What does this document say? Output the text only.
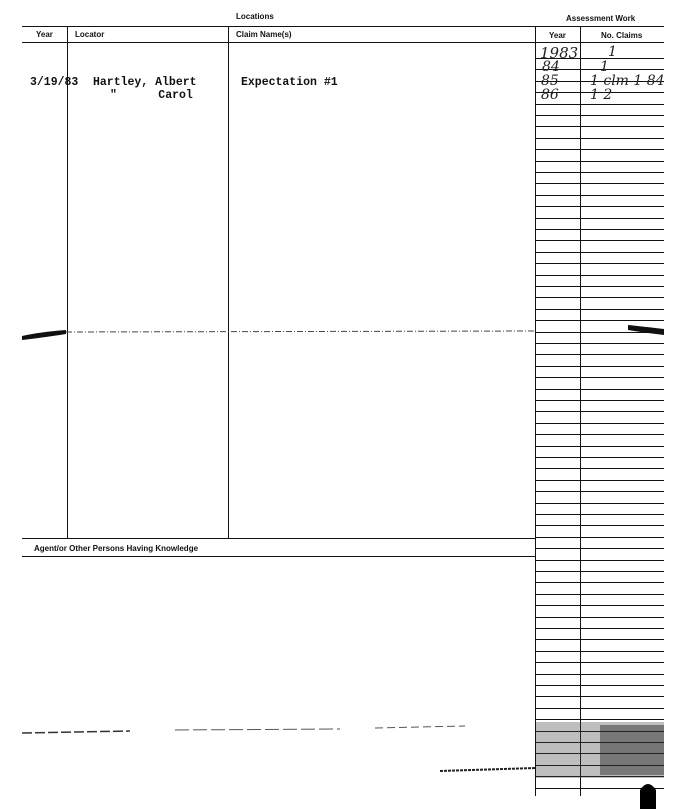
Locations	Assessment Work
Year	Locator	Claim Name(s)	Year	No. Claims
Agent/or Other Persons Having Knowledge
3/19/83 Hartley, Albert	Expectation #1
"      Carol
1983 1
84	1
85 1 clm 1 84
86 1 2
